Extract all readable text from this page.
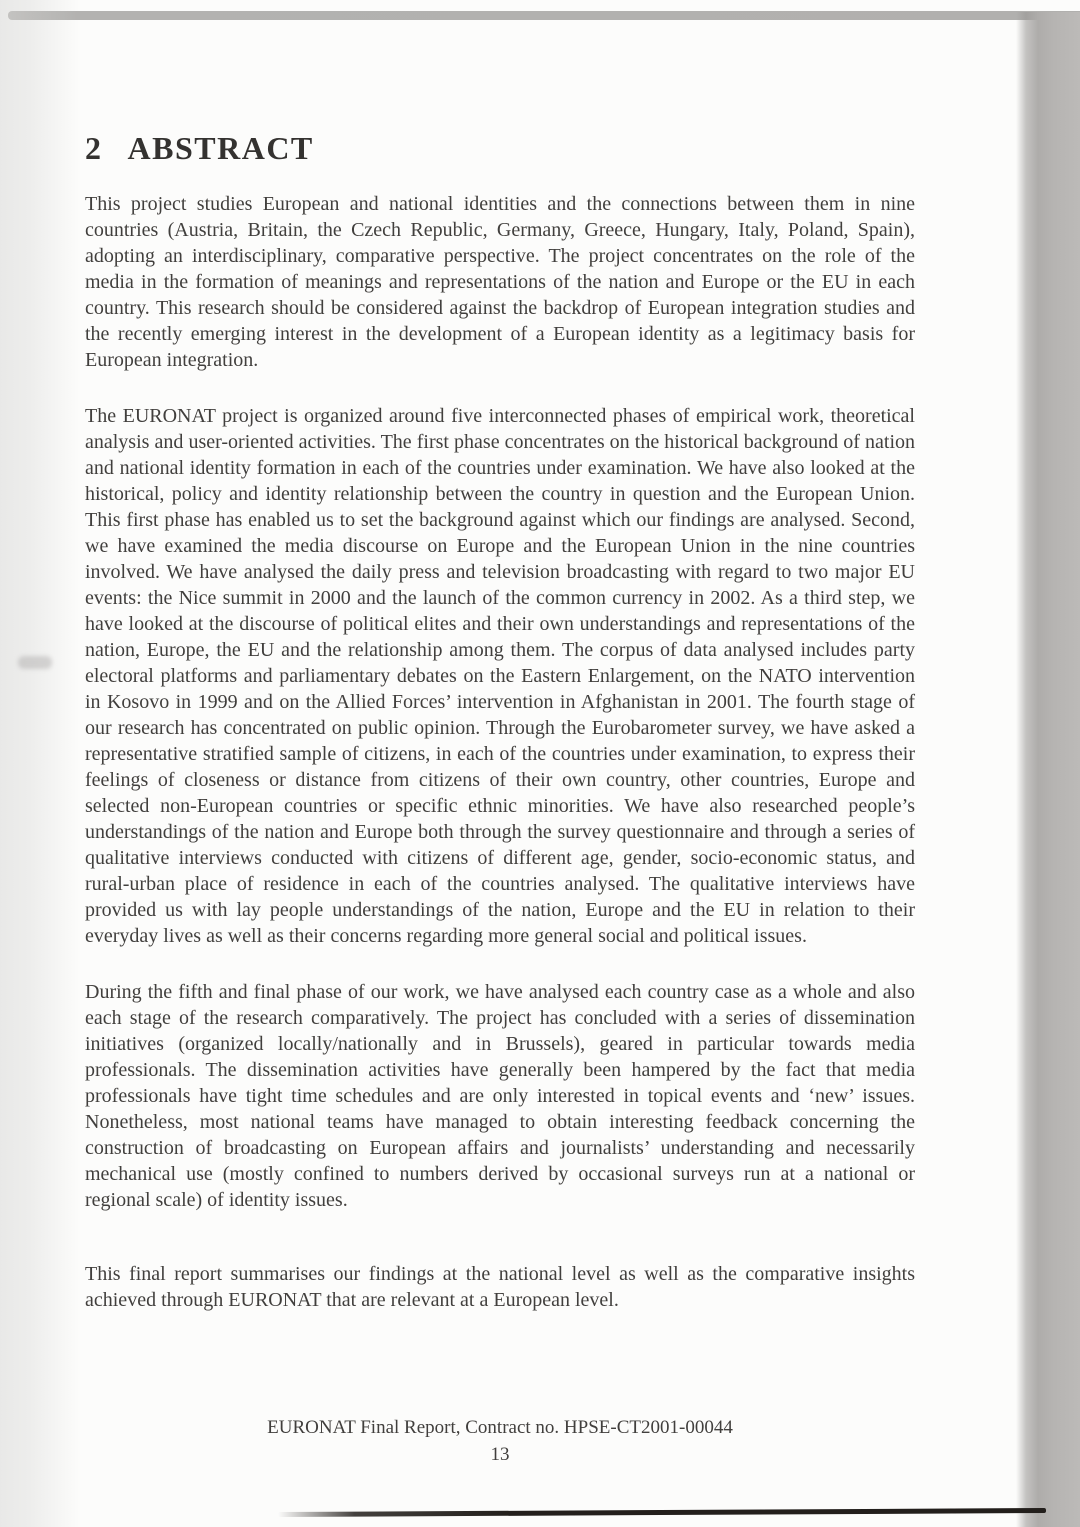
2 ABSTRACT

This project studies European and national identities and the connections between them in nine countries (Austria, Britain, the Czech Republic, Germany, Greece, Hungary, Italy, Poland, Spain), adopting an interdisciplinary, comparative perspective. The project concentrates on the role of the media in the formation of meanings and representations of the nation and Europe or the EU in each country. This research should be considered against the backdrop of European integration studies and the recently emerging interest in the development of a European identity as a legitimacy basis for European integration.

The EURONAT project is organized around five interconnected phases of empirical work, theoretical analysis and user-oriented activities. The first phase concentrates on the historical background of nation and national identity formation in each of the countries under examination. We have also looked at the historical, policy and identity relationship between the country in question and the European Union. This first phase has enabled us to set the background against which our findings are analysed. Second, we have examined the media discourse on Europe and the European Union in the nine countries involved. We have analysed the daily press and television broadcasting with regard to two major EU events: the Nice summit in 2000 and the launch of the common currency in 2002. As a third step, we have looked at the discourse of political elites and their own understandings and representations of the nation, Europe, the EU and the relationship among them. The corpus of data analysed includes party electoral platforms and parliamentary debates on the Eastern Enlargement, on the NATO intervention in Kosovo in 1999 and on the Allied Forces’ intervention in Afghanistan in 2001. The fourth stage of our research has concentrated on public opinion. Through the Eurobarometer survey, we have asked a representative stratified sample of citizens, in each of the countries under examination, to express their feelings of closeness or distance from citizens of their own country, other countries, Europe and selected non-European countries or specific ethnic minorities. We have also researched people’s understandings of the nation and Europe both through the survey questionnaire and through a series of qualitative interviews conducted with citizens of different age, gender, socio-economic status, and rural-urban place of residence in each of the countries analysed. The qualitative interviews have provided us with lay people understandings of the nation, Europe and the EU in relation to their everyday lives as well as their concerns regarding more general social and political issues.

During the fifth and final phase of our work, we have analysed each country case as a whole and also each stage of the research comparatively. The project has concluded with a series of dissemination initiatives (organized locally/nationally and in Brussels), geared in particular towards media professionals. The dissemination activities have generally been hampered by the fact that media professionals have tight time schedules and are only interested in topical events and ‘new’ issues. Nonetheless, most national teams have managed to obtain interesting feedback concerning the construction of broadcasting on European affairs and journalists’ understanding and necessarily mechanical use (mostly confined to numbers derived by occasional surveys run at a national or regional scale) of identity issues.

This final report summarises our findings at the national level as well as the comparative insights achieved through EURONAT that are relevant at a European level.

EURONAT Final Report, Contract no. HPSE-CT2001-00044
13
